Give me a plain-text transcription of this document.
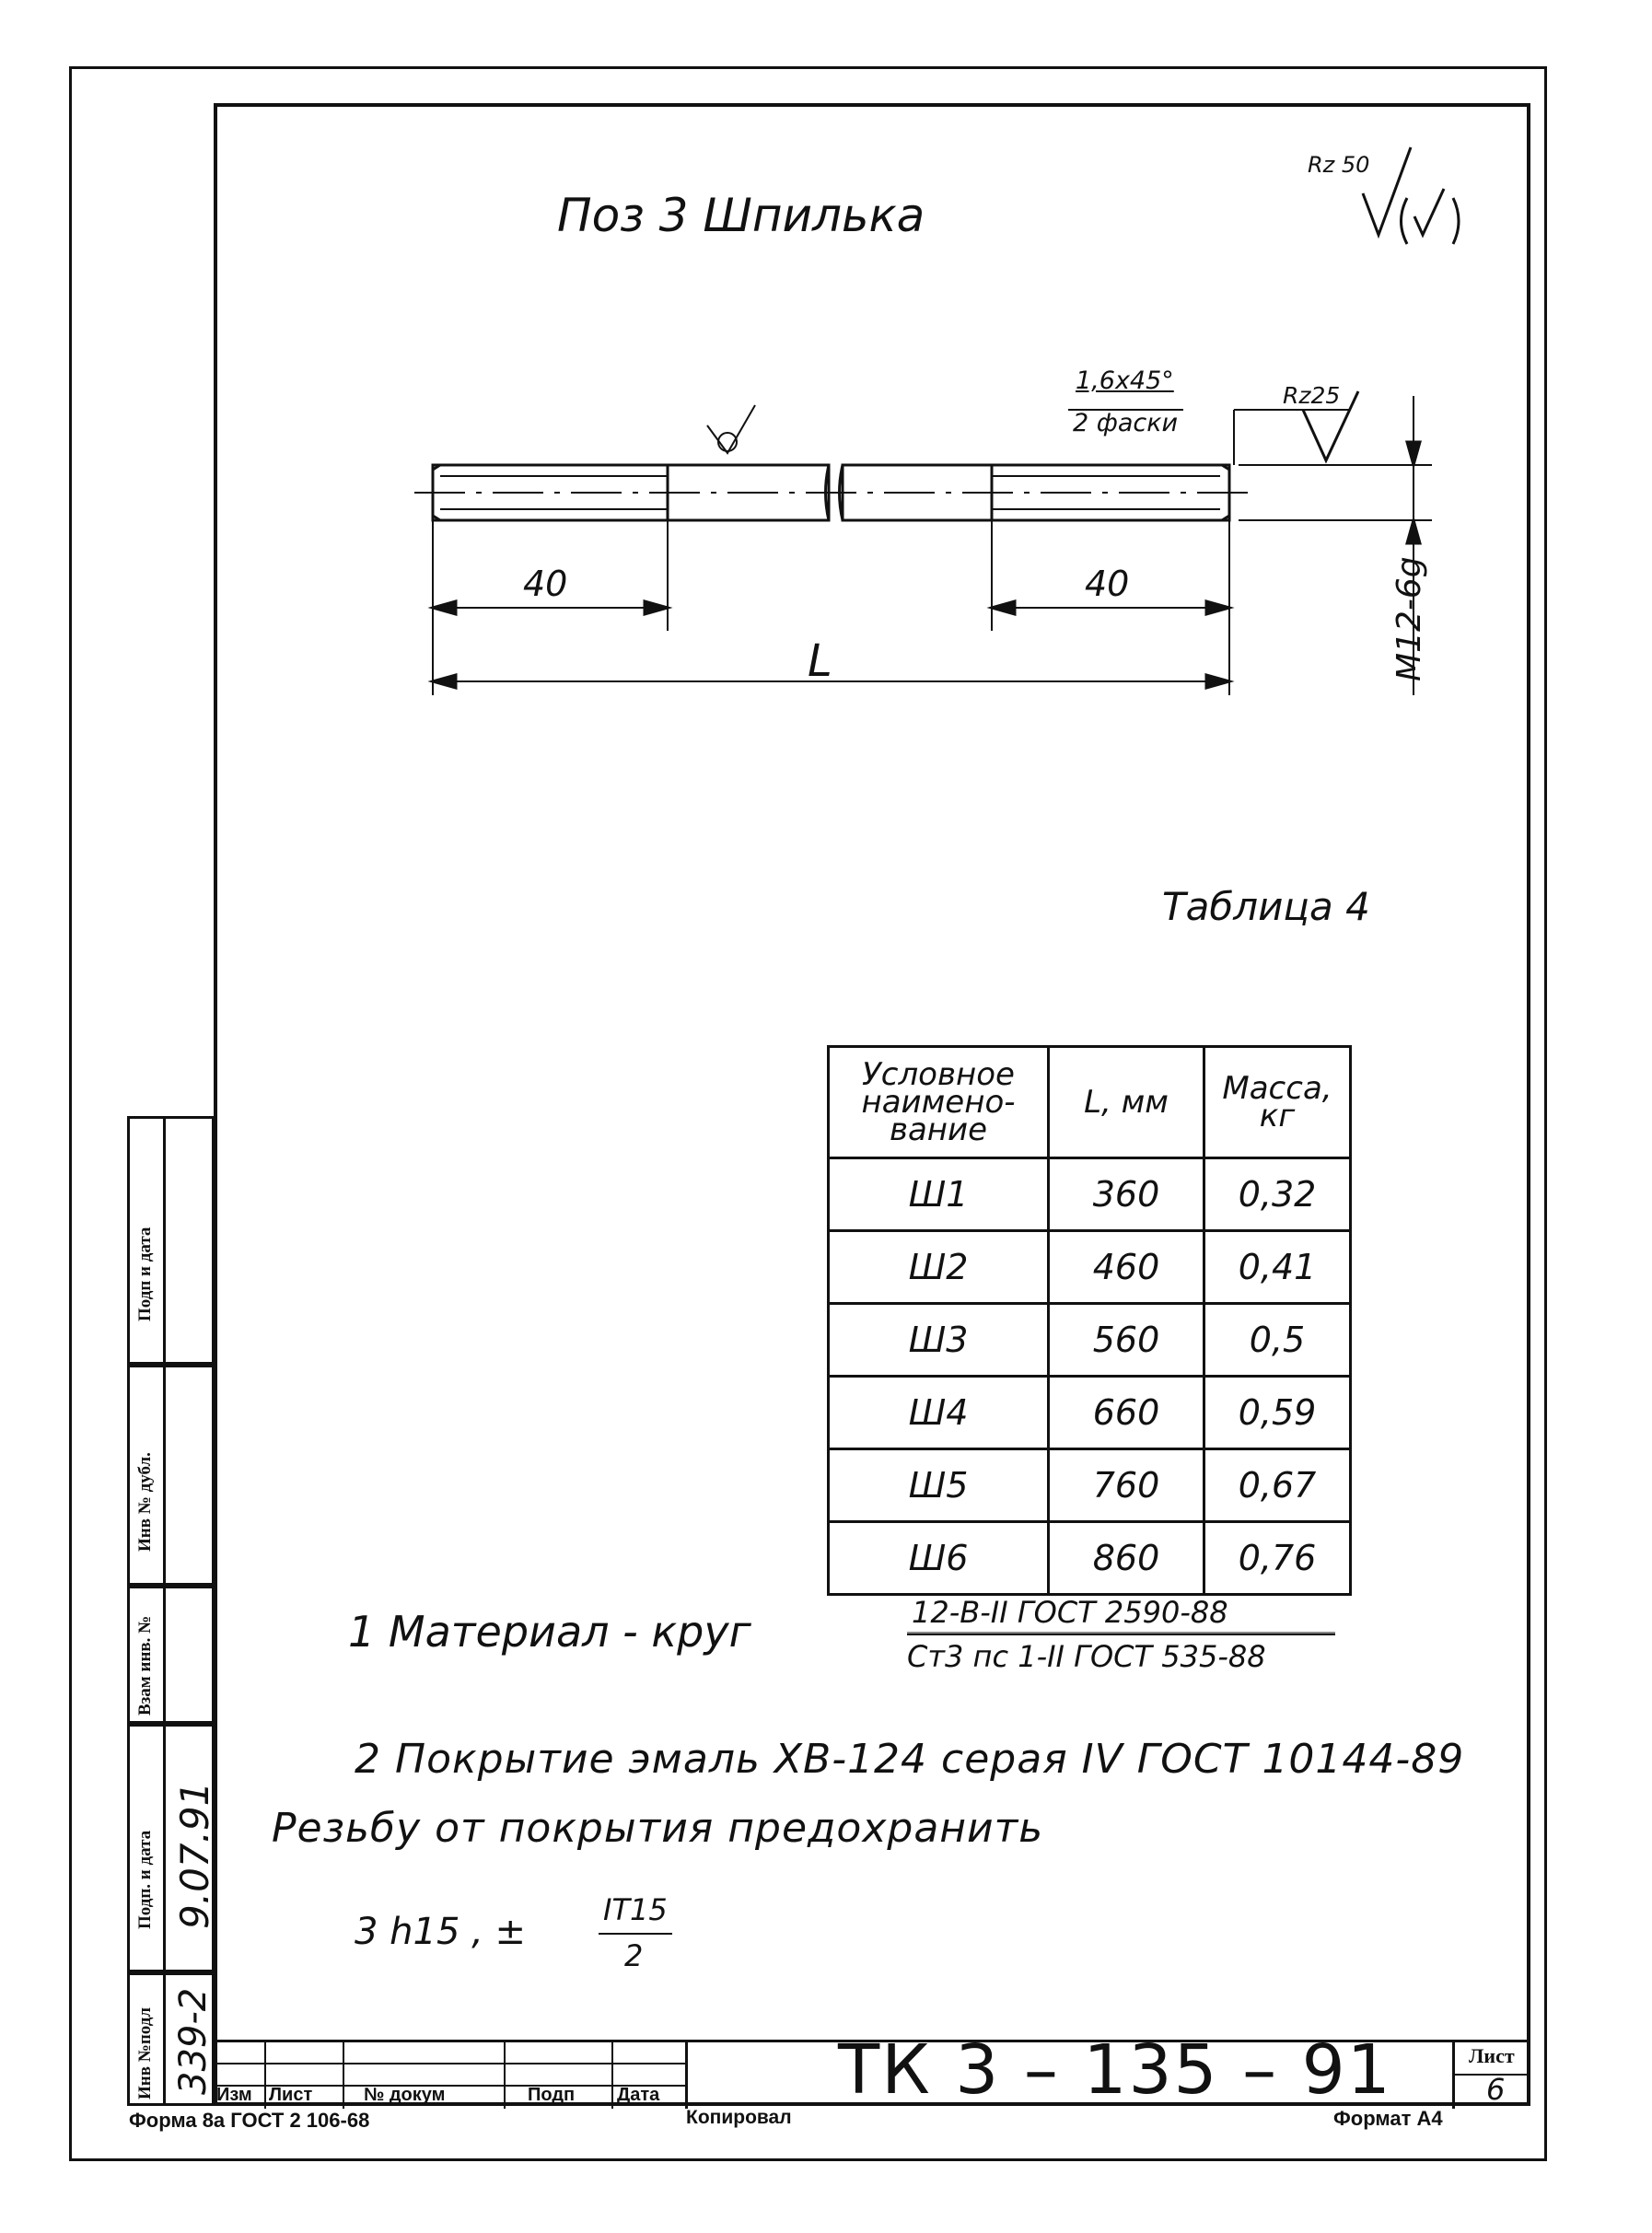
Поз 3 Шпилька
Rz 50
1,6х45°
2 фаски
Rz25
М12-6g
40	40
L
Таблица 4
Условное наимено- вание	L, мм	Масса, кг
Ш1	360	0,32
Ш2	460	0,41
Ш3	560	0,5
Ш4	660	0,59
Ш5	760	0,67
Ш6	860	0,76
1 Материал - круг	12-В-II ГОСТ 2590-88
Ст3 пс 1-II ГОСТ 535-88
2 Покрытие эмаль ХВ-124 серая IV ГОСТ 10144-89
Резьбу от покрытия предохранить
3 h15 , ±
IT15
2
Подп и дата
Инв № дубл.
Взам инв. №
Подп. и дата 9.07.91
Инв №подл 339-2 Изм Лист	№ докум	Подп Дата	ТК 3 – 135 – 91	Лист
6
Форма 8а ГОСТ 2 106-68	Копировал	Формат А4
